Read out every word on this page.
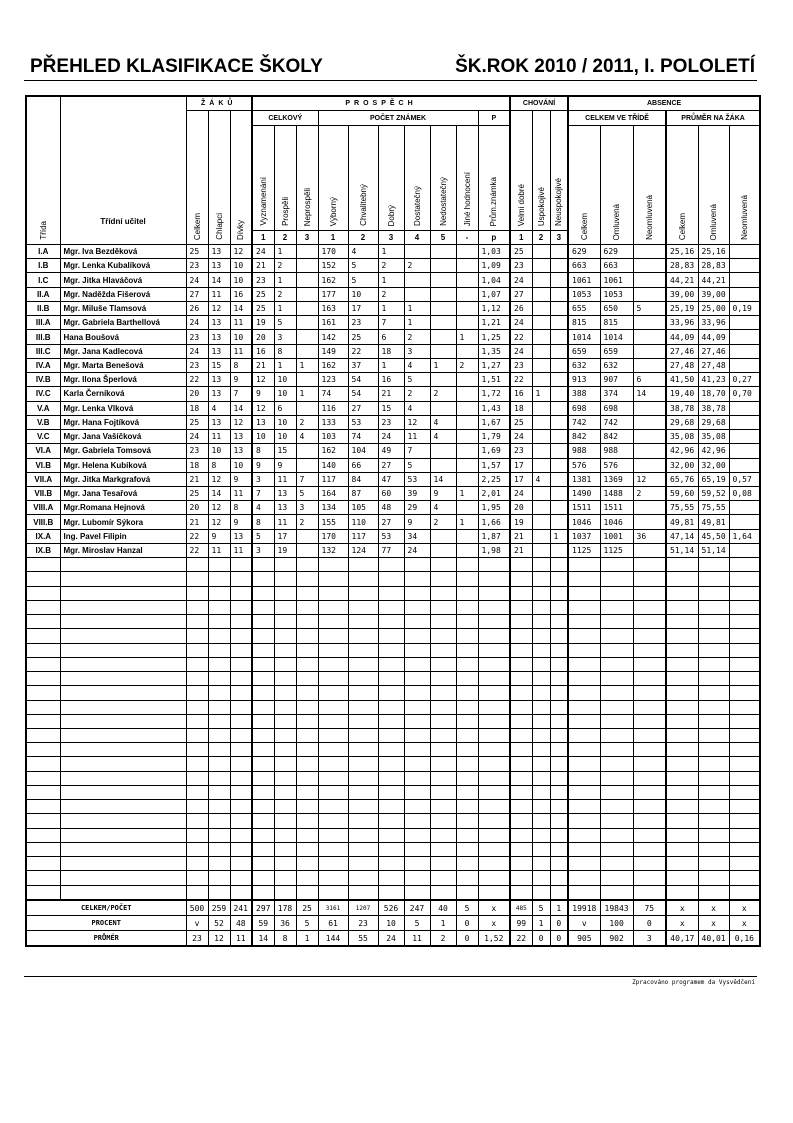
PŘEHLED KLASIFIKACE ŠKOLY	ŠK.ROK 2010 / 2011, I. POLOLETÍ
Třída	Třídní učitel	ŽÁKŮ			PROSPĚCH										CHOVÁNÍ			ABSENCE					
		Celkem	Chlapci	Dívky	CELKOVÝ			POČET ZNÁMEK						P	Velmi dobré	Uspokojivé	Neuspokojivé	CELKEM VE TŘÍDĚ			PRŮMĚR NA ŽÁKA		
					Vyznamenání	Prospěli	Neprospěli	Výborný	Chvalitebný	Dobrý	Dostatečný	Nedostatečný	Jiné hodnocení	Prům.známka				Celkem	Omluvená	Neomluvená	Celkem	Omluvená	Neomluvená
					1	2	3	1	2	3	4	5	-	p	1	2	3						
I.A	Mgr. Iva Bezděková	25	13	12	24	1		170	4	1				1,03	25			629	629		25,16	25,16	
I.B	Mgr. Lenka Kubalíková	23	13	10	21	2		152	5	2	2			1,09	23			663	663		28,83	28,83	
I.C	Mgr. Jitka Hlaváčová	24	14	10	23	1		162	5	1				1,04	24			1061	1061		44,21	44,21	
II.A	Mgr. Naděžda Fišerová	27	11	16	25	2		177	10	2				1,07	27			1053	1053		39,00	39,00	
II.B	Mgr. Miluše Tlamsová	26	12	14	25	1		163	17	1	1			1,12	26			655	650	5	25,19	25,00	0,19
III.A	Mgr. Gabriela Barthellová	24	13	11	19	5		161	23	7	1			1,21	24			815	815		33,96	33,96	
III.B	Hana Boušová	23	13	10	20	3		142	25	6	2		1	1,25	22			1014	1014		44,09	44,09	
III.C	Mgr. Jana Kadlecová	24	13	11	16	8		149	22	18	3			1,35	24			659	659		27,46	27,46	
IV.A	Mgr. Marta Benešová	23	15	8	21	1	1	162	37	1	4	1	2	1,27	23			632	632		27,48	27,48	
IV.B	Mgr. Ilona Šperlová	22	13	9	12	10		123	54	16	5			1,51	22			913	907	6	41,50	41,23	0,27
IV.C	Karla Černíková	20	13	7	9	10	1	74	54	21	2	2		1,72	16	1		388	374	14	19,40	18,70	0,70
V.A	Mgr. Lenka Vlková	18	4	14	12	6		116	27	15	4			1,43	18			698	698		38,78	38,78	
V.B	Mgr. Hana Fojtíková	25	13	12	13	10	2	133	53	23	12	4		1,67	25			742	742		29,68	29,68	
V.C	Mgr. Jana Vašíčková	24	11	13	10	10	4	103	74	24	11	4		1,79	24			842	842		35,08	35,08	
VI.A	Mgr. Gabriela Tomsová	23	10	13	8	15		162	104	49	7			1,69	23			988	988		42,96	42,96	
VI.B	Mgr. Helena Kubíková	18	8	10	9	9		140	66	27	5			1,57	17			576	576		32,00	32,00	
VII.A	Mgr. Jitka Markgrafová	21	12	9	3	11	7	117	84	47	53	14		2,25	17	4		1381	1369	12	65,76	65,19	0,57
VII.B	Mgr. Jana Tesařová	25	14	11	7	13	5	164	87	60	39	9	1	2,01	24			1490	1488	2	59,60	59,52	0,08
VIII.A	Mgr.Romana Hejnová	20	12	8	4	13	3	134	105	48	29	4		1,95	20			1511	1511		75,55	75,55	
VIII.B	Mgr. Lubomír Sýkora	21	12	9	8	11	2	155	110	27	9	2	1	1,66	19			1046	1046		49,81	49,81	
IX.A	Ing. Pavel Filipin	22	9	13	5	17		170	117	53	34			1,87	21		1	1037	1001	36	47,14	45,50	1,64
IX.B	Mgr. Miroslav Hanzal	22	11	11	3	19		132	124	77	24			1,98	21			1125	1125		51,14	51,14	

CELKEM/POČET		500	259	241	297	178	25	3161	1207	526	247	40	5	x	485	5	1	19918	19843	75	x	x	x
PROCENT		v	52	48	59	36	5	61	23	10	5	1	0	x	99	1	0	v	100	0	x	x	x
PRŮMĚR		23	12	11	14	8	1	144	55	24	11	2	0	1,52	22	0	0	905	902	3	40,17	40,01	0,16
Zpracováno programem da Vysvědčení
